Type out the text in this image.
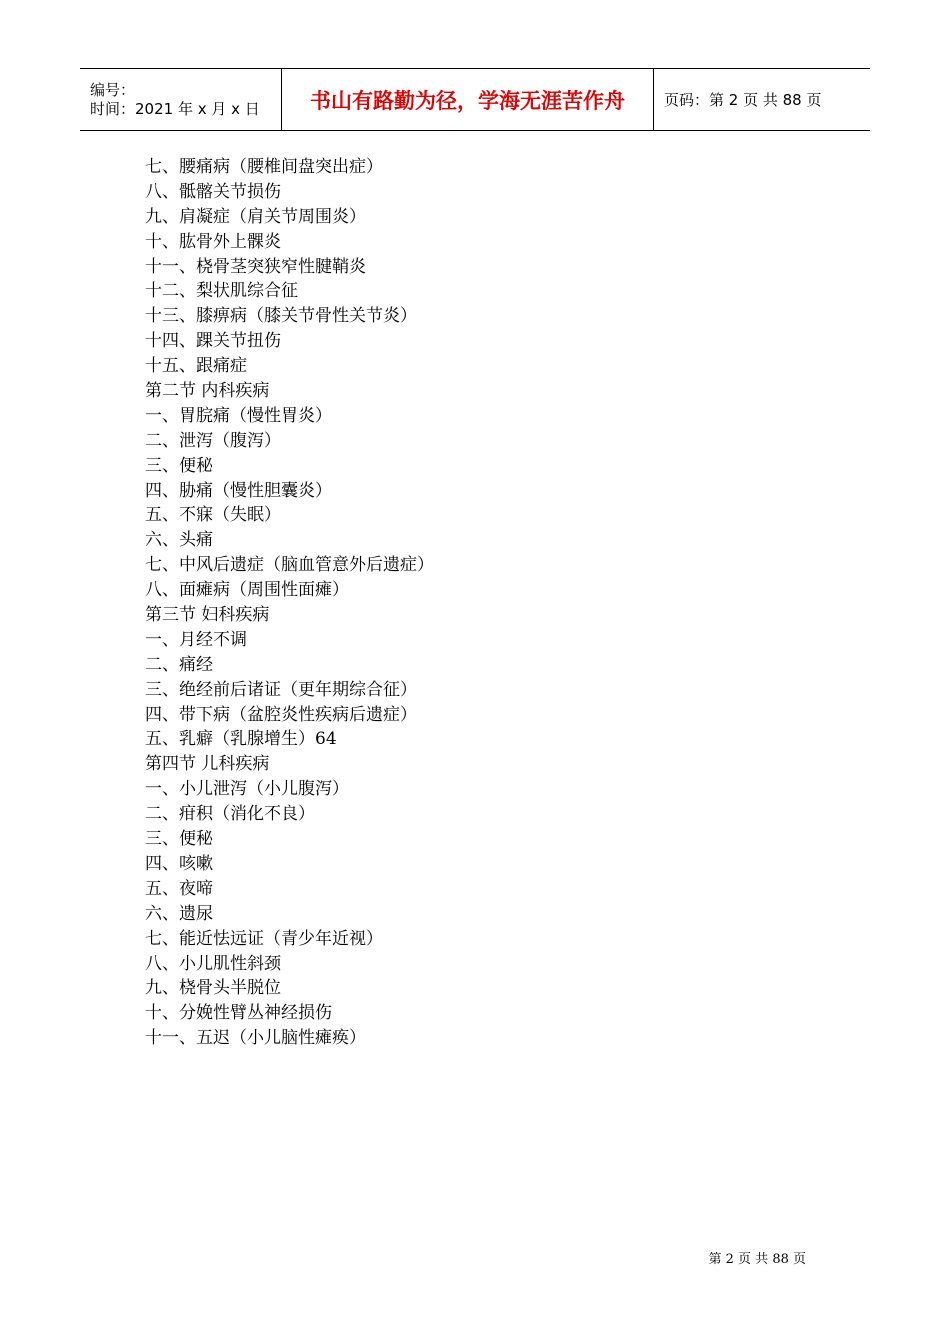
编号：
时间：2021 年 x 月 x 日	书山有路勤为径，学海无涯苦作舟	页码：第 2 页 共 88 页
七、腰痛病（腰椎间盘突出症）
八、骶髂关节损伤
九、肩凝症（肩关节周围炎）
十、肱骨外上髁炎
十一、桡骨茎突狭窄性腱鞘炎
十二、梨状肌综合征
十三、膝痹病（膝关节骨性关节炎）
十四、踝关节扭伤
十五、跟痛症
第二节 内科疾病
一、胃脘痛（慢性胃炎）
二、泄泻（腹泻）
三、便秘
四、胁痛（慢性胆囊炎）
五、不寐（失眠）
六、头痛
七、中风后遗症（脑血管意外后遗症）
八、面瘫病（周围性面瘫）
第三节 妇科疾病
一、月经不调
二、痛经
三、绝经前后诸证（更年期综合征）
四、带下病（盆腔炎性疾病后遗症）
五、乳癖（乳腺增生）64
第四节 儿科疾病
一、小儿泄泻（小儿腹泻）
二、疳积（消化不良）
三、便秘
四、咳嗽
五、夜啼
六、遗尿
七、能近怯远证（青少年近视）
八、小儿肌性斜颈
九、桡骨头半脱位
十、分娩性臂丛神经损伤
十一、五迟（小儿脑性瘫痪）
第 2 页 共 88 页
